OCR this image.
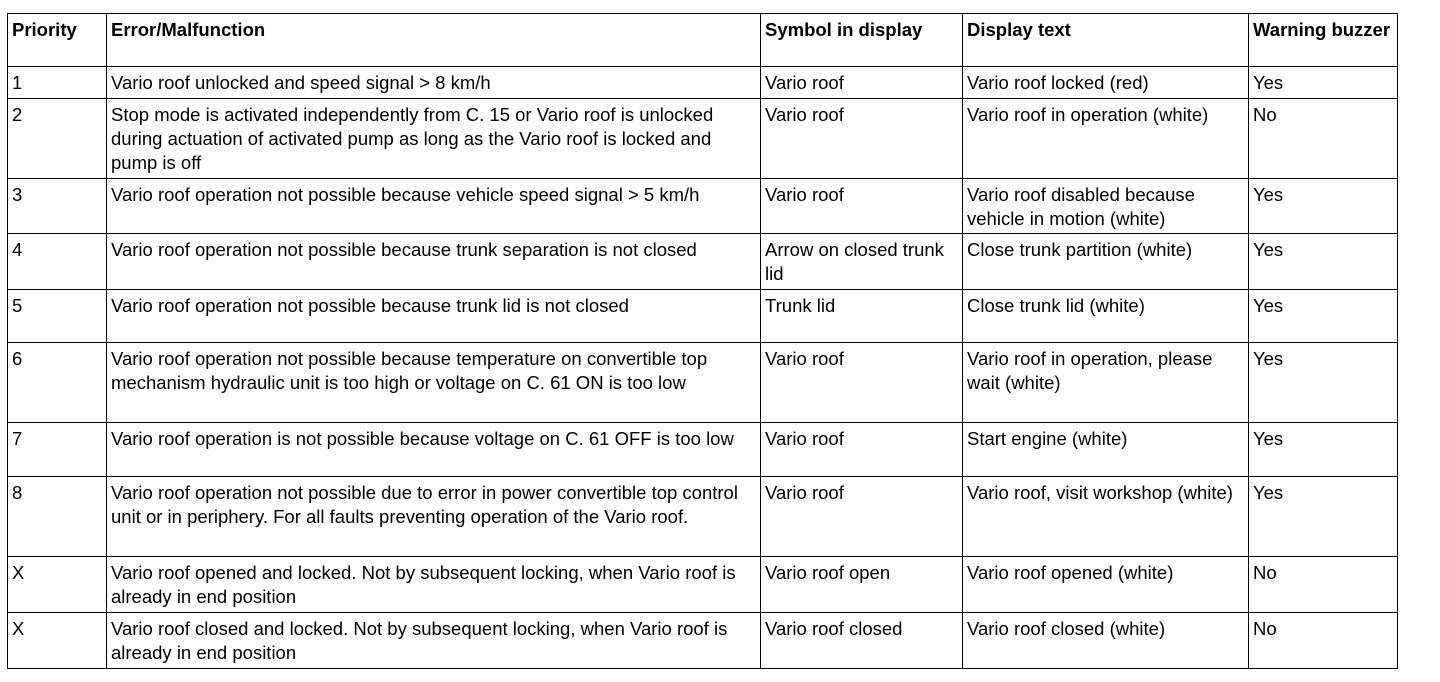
Priority	Error/Malfunction	Symbol in display	Display text	Warning buzzer
1	Vario roof unlocked and speed signal > 8 km/h	Vario roof	Vario roof locked (red)	Yes
2	Stop mode is activated independently from C. 15 or Vario roof is unlocked during actuation of activated pump as long as the Vario roof is locked and pump is off	Vario roof	Vario roof in operation (white)	No
3	Vario roof operation not possible because vehicle speed signal > 5 km/h	Vario roof	Vario roof disabled because vehicle in motion (white)	Yes
4	Vario roof operation not possible because trunk separation is not closed	Arrow on closed trunk lid	Close trunk partition (white)	Yes
5	Vario roof operation not possible because trunk lid is not closed	Trunk lid	Close trunk lid (white)	Yes
6	Vario roof operation not possible because temperature on convertible top mechanism hydraulic unit is too high or voltage on C. 61 ON is too low	Vario roof	Vario roof in operation, please wait (white)	Yes
7	Vario roof operation is not possible because voltage on C. 61 OFF is too low	Vario roof	Start engine (white)	Yes
8	Vario roof operation not possible due to error in power convertible top control unit or in periphery. For all faults preventing operation of the Vario roof.	Vario roof	Vario roof, visit workshop (white)	Yes
X	Vario roof opened and locked. Not by subsequent locking, when Vario roof is already in end position	Vario roof open	Vario roof opened (white)	No
X	Vario roof closed and locked. Not by subsequent locking, when Vario roof is already in end position	Vario roof closed	Vario roof closed (white)	No
